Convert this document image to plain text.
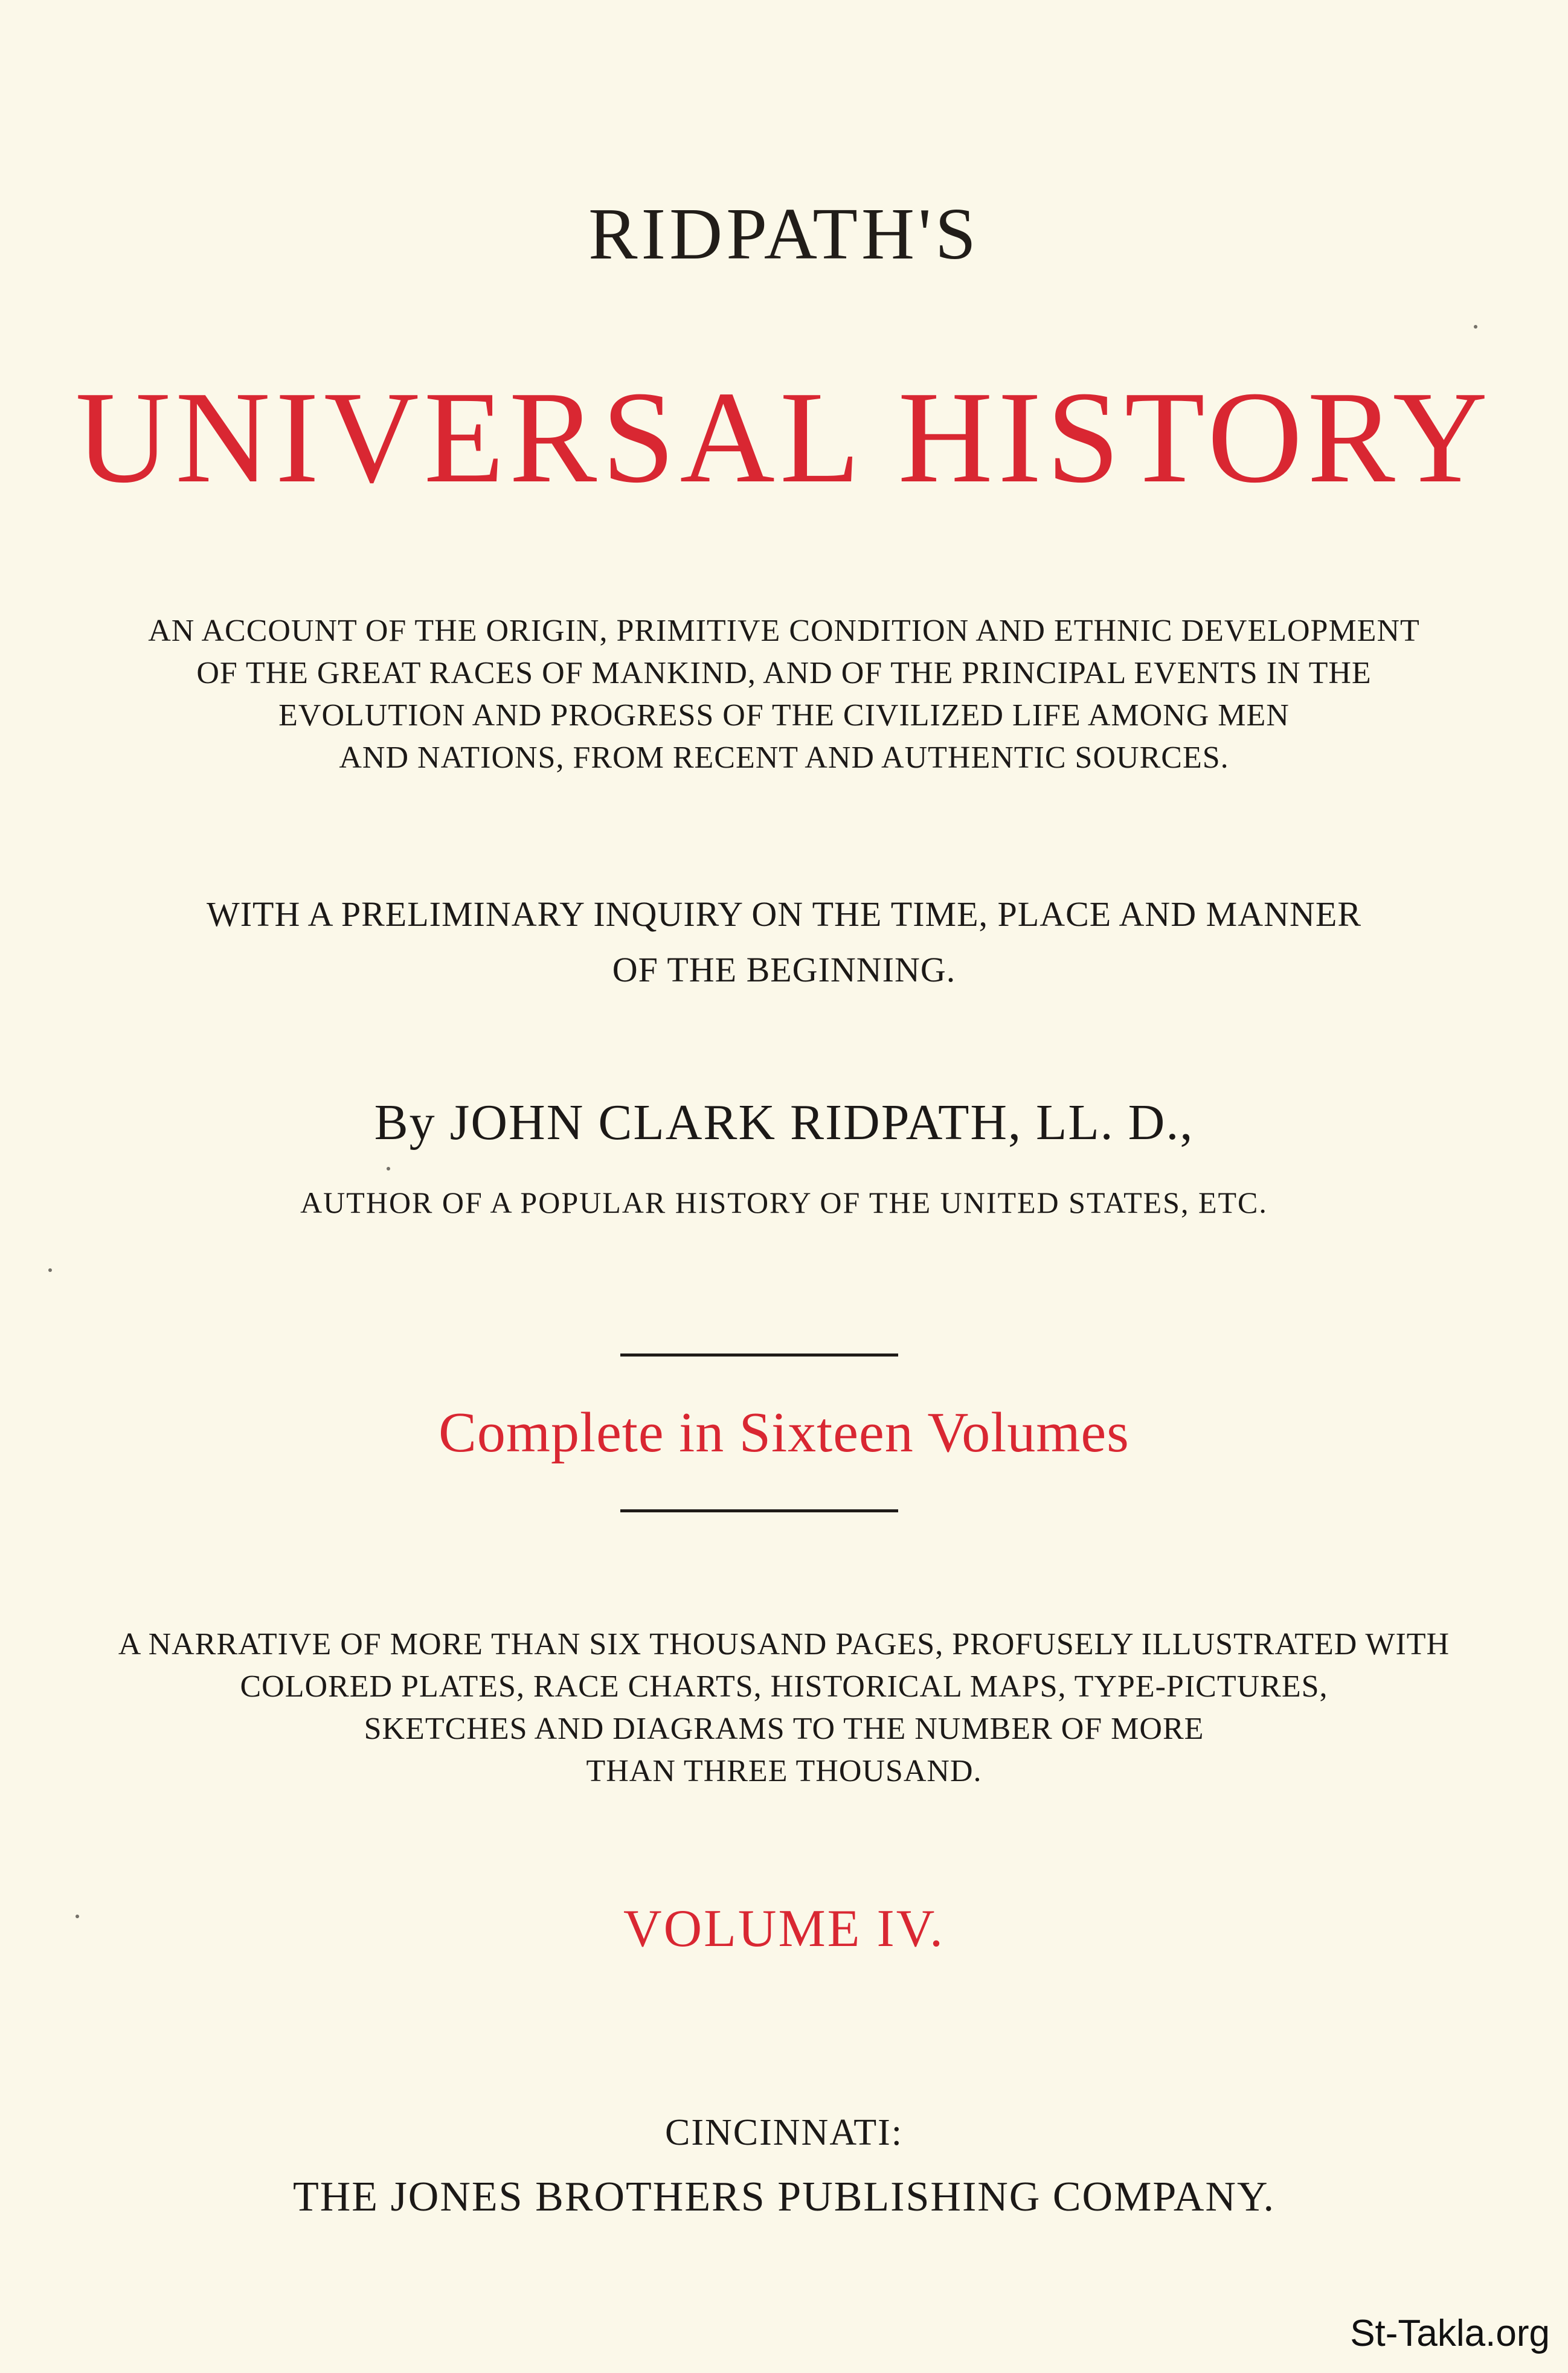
RIDPATH'S
UNIVERSAL HISTORY

AN ACCOUNT OF THE ORIGIN, PRIMITIVE CONDITION AND ETHNIC DEVELOPMENT

OF THE GREAT RACES OF MANKIND, AND OF THE PRINCIPAL EVENTS IN THE

EVOLUTION AND PROGRESS OF THE CIVILIZED LIFE AMONG MEN

AND NATIONS, FROM RECENT AND AUTHENTIC SOURCES.

WITH A PRELIMINARY INQUIRY ON THE TIME, PLACE AND MANNER

OF THE BEGINNING.

By JOHN CLARK RIDPATH, LL. D.,
AUTHOR OF A POPULAR HISTORY OF THE UNITED STATES, ETC.
Complete in Sixteen Volumes

A NARRATIVE OF MORE THAN SIX THOUSAND PAGES, PROFUSELY ILLUSTRATED WITH

COLORED PLATES, RACE CHARTS, HISTORICAL MAPS, TYPE-PICTURES,

SKETCHES AND DIAGRAMS TO THE NUMBER OF MORE

THAN THREE THOUSAND.

VOLUME IV.
CINCINNATI:
THE JONES BROTHERS PUBLISHING COMPANY.
St-Takla.org
